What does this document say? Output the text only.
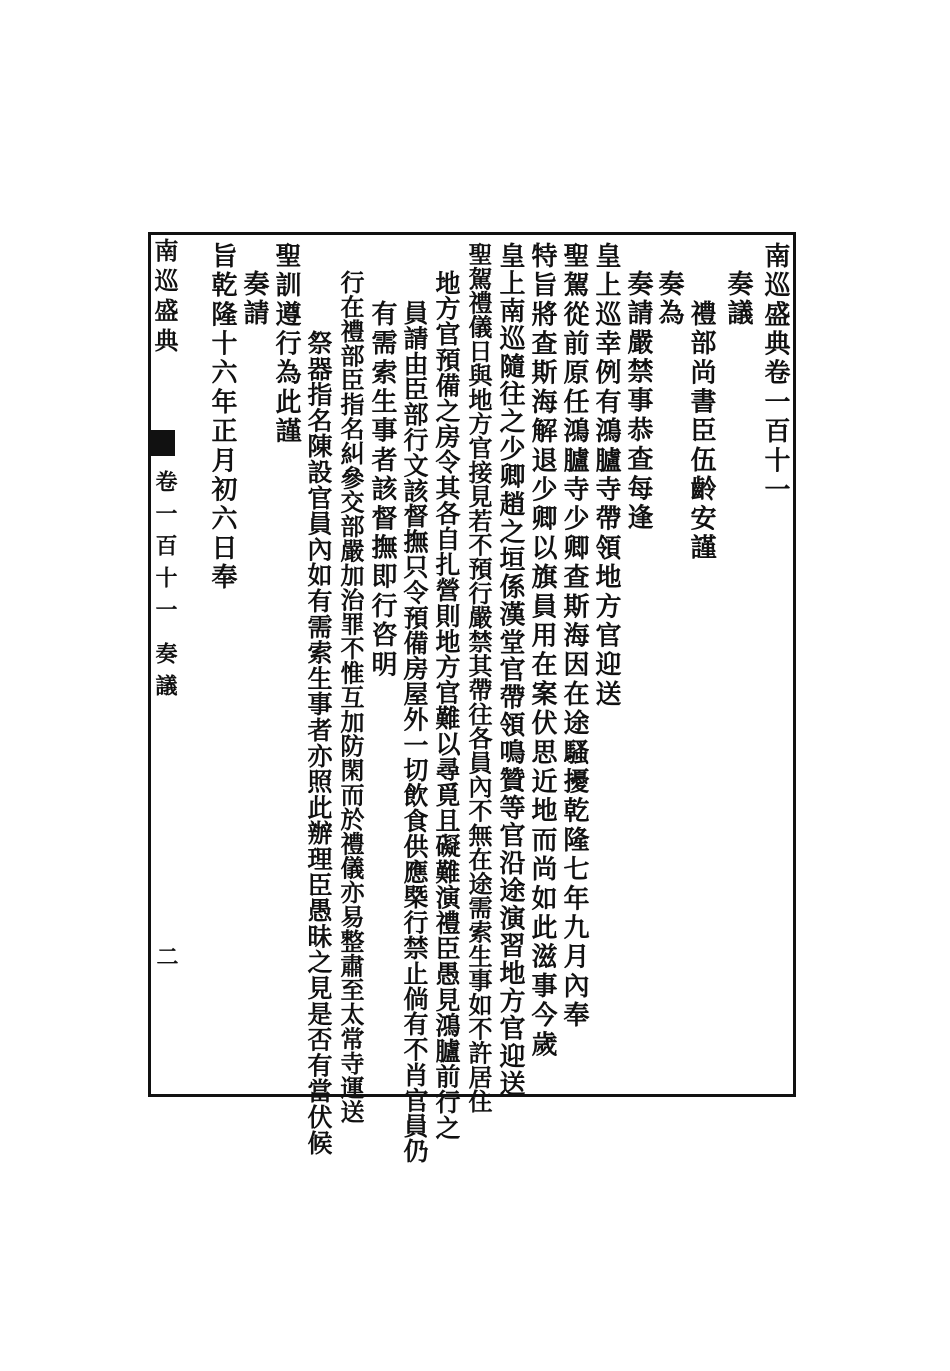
南巡盛典
卷一百十一奏議
二
南巡盛典卷一百十一
奏議
禮部尚書臣伍齡安謹
奏為
奏請嚴禁事恭查每逢
皇上巡幸例有鴻臚寺帶領地方官迎送
聖駕從前原任鴻臚寺少卿查斯海因在途騷擾乾隆七年九月內奉
特旨將查斯海解退少卿以旗員用在案伏思近地而尚如此滋事今歲
皇上南巡隨往之少卿趙之垣係漢堂官帶領鳴贊等官沿途演習地方官迎送
聖駕禮儀日與地方官接見若不預行嚴禁其帶往各員內不無在途需索生事如不許居住
地方官預備之房令其各自扎營則地方官難以尋覓且礙難演禮臣愚見鴻臚前行之
員請由臣部行文該督撫只令預備房屋外一切飲食供應槩行禁止倘有不肖官員仍
有需索生事者該督撫即行咨明
行在禮部臣指名糾參交部嚴加治罪不惟互加防閑而於禮儀亦易整肅至太常寺運送
祭器指名陳設官員內如有需索生事者亦照此辦理臣愚昧之見是否有當伏候
聖訓遵行為此謹
奏請
旨乾隆十六年正月初六日奉
